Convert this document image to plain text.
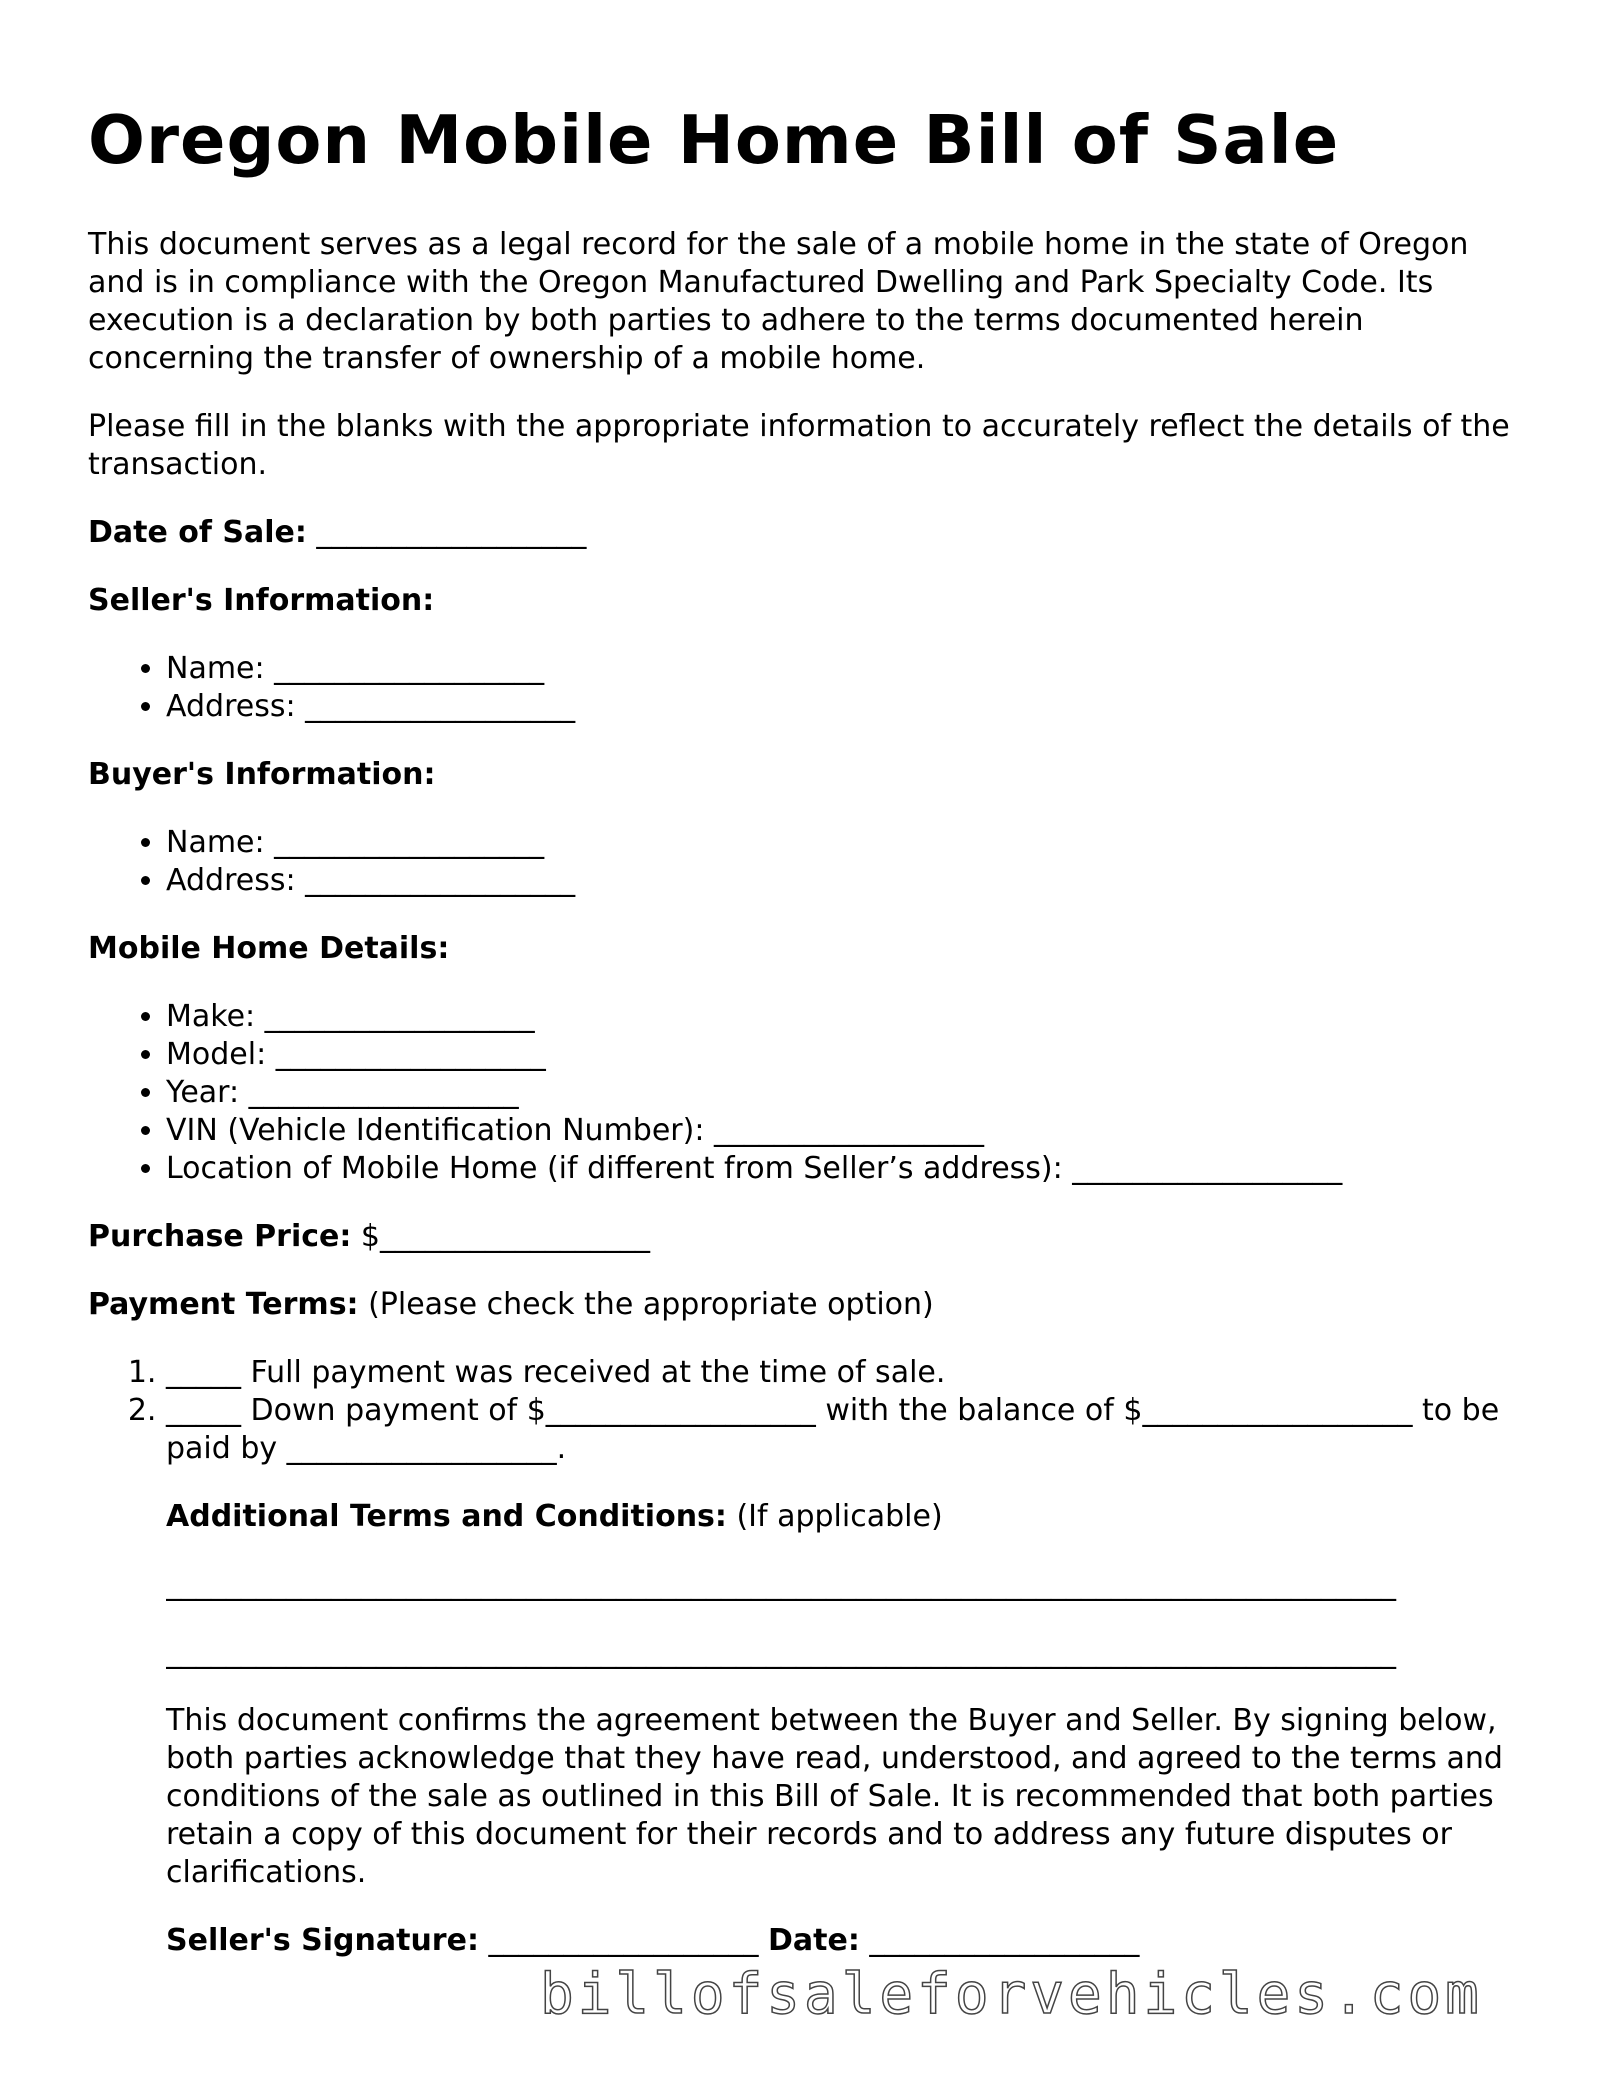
Oregon Mobile Home Bill of Sale

This document serves as a legal record for the sale of a mobile home in the state of Oregon and is in compliance with the Oregon Manufactured Dwelling and Park Specialty Code. Its execution is a declaration by both parties to adhere to the terms documented herein concerning the transfer of ownership of a mobile home.

Please fill in the blanks with the appropriate information to accurately reflect the details of the transaction.

Date of Sale: __________________

Seller's Information:

• Name: __________________
• Address: __________________

Buyer's Information:

• Name: __________________
• Address: __________________

Mobile Home Details:

• Make: __________________
• Model: __________________
• Year: __________________
• VIN (Vehicle Identification Number): __________________
• Location of Mobile Home (if different from Seller’s address): __________________

Purchase Price: $__________________

Payment Terms: (Please check the appropriate option)

1. _____ Full payment was received at the time of sale.
2. _____ Down payment of $__________________ with the balance of $__________________ to be paid by __________________.

Additional Terms and Conditions: (If applicable)

__________________________________________________________________________________
__________________________________________________________________________________

This document confirms the agreement between the Buyer and Seller. By signing below, both parties acknowledge that they have read, understood, and agreed to the terms and conditions of the sale as outlined in this Bill of Sale. It is recommended that both parties retain a copy of this document for their records and to address any future disputes or clarifications.

Seller's Signature: __________________ Date: __________________

billofsaleforvehicles.com
